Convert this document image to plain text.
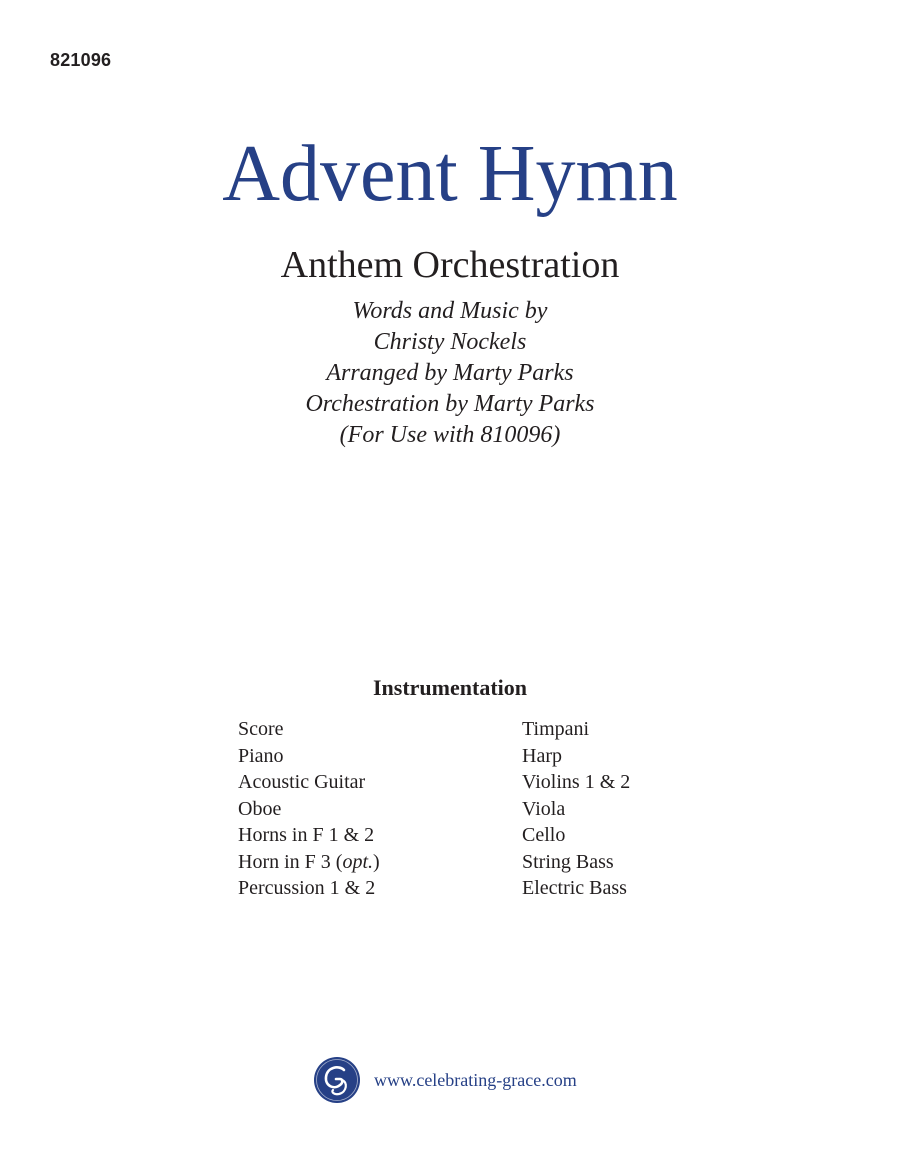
821096
Advent Hymn
Anthem Orchestration
Words and Music by
Christy Nockels
Arranged by Marty Parks
Orchestration by Marty Parks
(For Use with 810096)
Instrumentation
Score
Piano
Acoustic Guitar
Oboe
Horns in F 1 & 2
Horn in F 3 (opt.)
Percussion 1 & 2
Timpani
Harp
Violins 1 & 2
Viola
Cello
String Bass
Electric Bass
www.celebrating-grace.com
